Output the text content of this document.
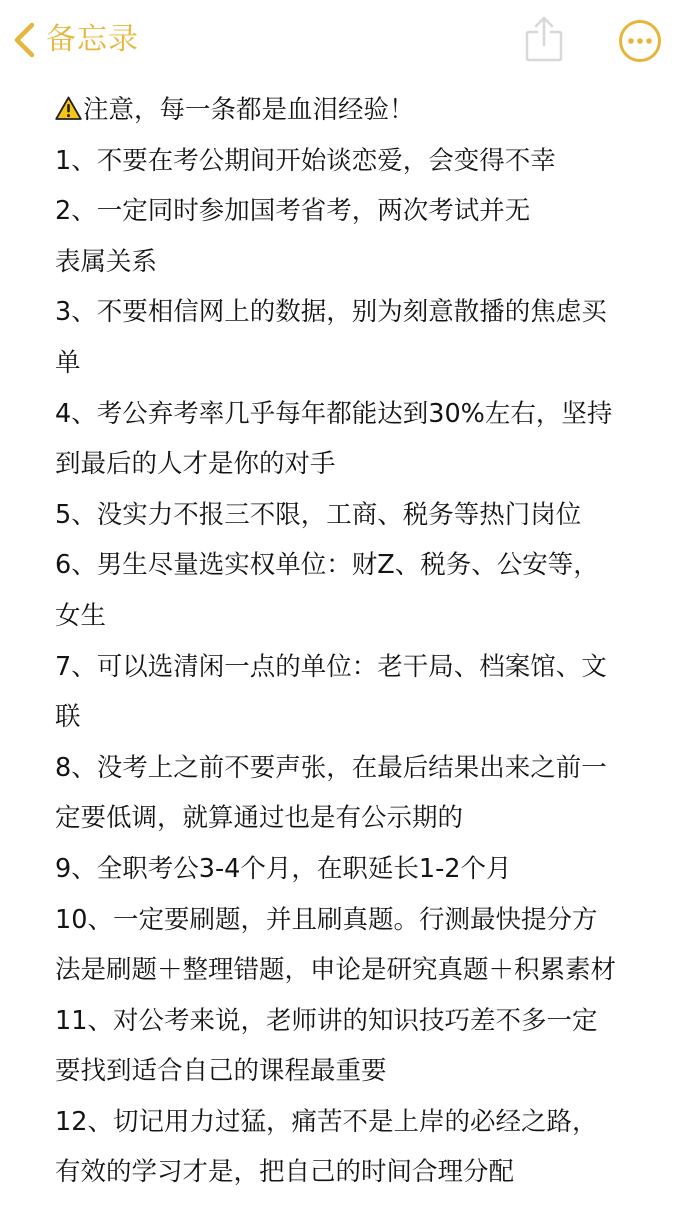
备忘录
注意，每一条都是血泪经验！
1、不要在考公期间开始谈恋爱，会变得不幸
2、一定同时参加国考省考，两次考试并无
表属关系
3、不要相信网上的数据，别为刻意散播的焦虑买
单
4、考公弃考率几乎每年都能达到30%左右，坚持
到最后的人才是你的对手
5、没实力不报三不限，工商、税务等热门岗位
6、男生尽量选实权单位：财Z、税务、公安等，
女生
7、可以选清闲一点的单位：老干局、档案馆、文
联
8、没考上之前不要声张，在最后结果出来之前一
定要低调，就算通过也是有公示期的
9、全职考公3-4个月，在职延长1-2个月
10、一定要刷题，并且刷真题。行测最快提分方
法是刷题＋整理错题，申论是研究真题＋积累素材
11、对公考来说，老师讲的知识技巧差不多一定
要找到适合自己的课程最重要
12、切记用力过猛，痛苦不是上岸的必经之路，
有效的学习才是，把自己的时间合理分配
